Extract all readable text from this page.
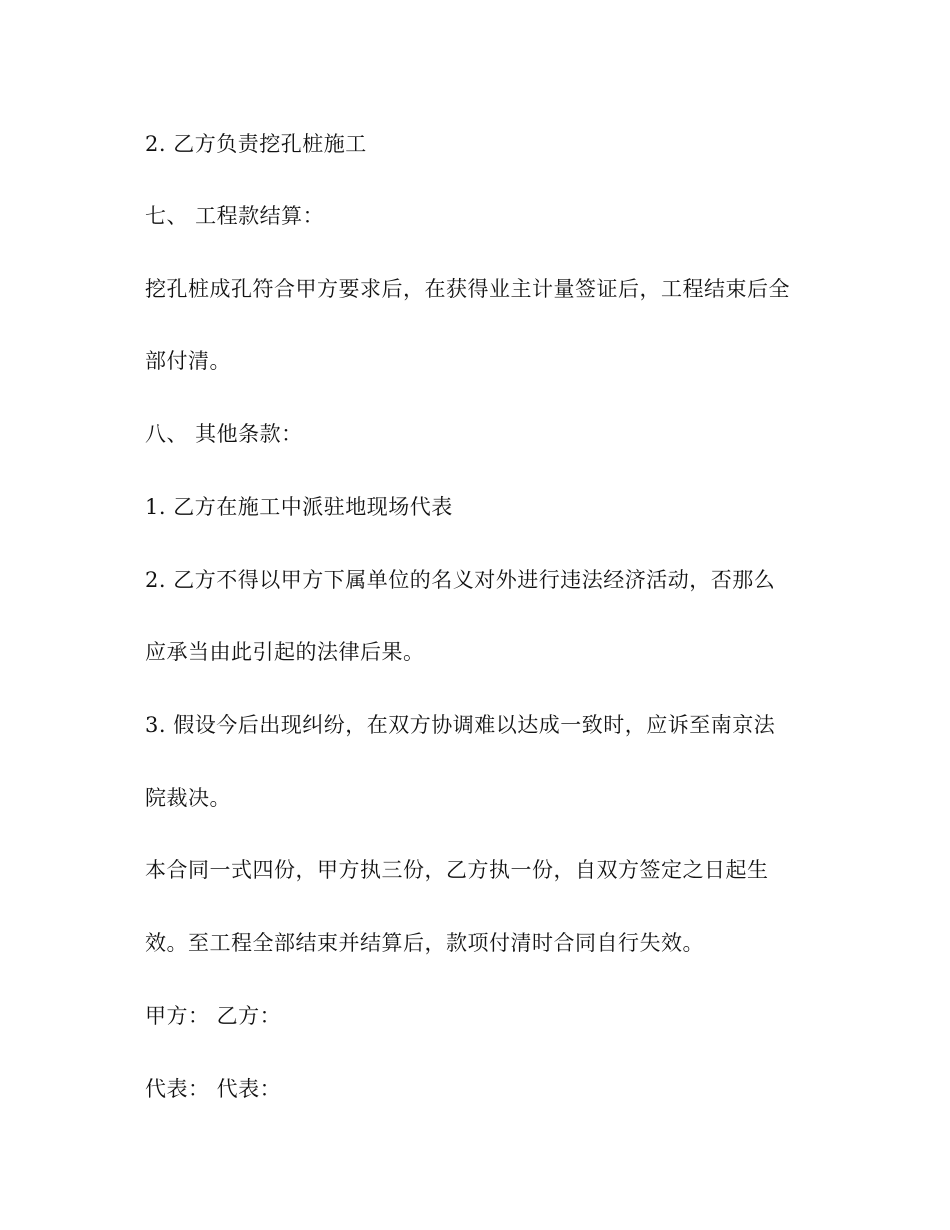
2. 乙方负责挖孔桩施工
七、 工程款结算：
挖孔桩成孔符合甲方要求后，在获得业主计量签证后，工程结束后全
部付清。
八、 其他条款：
1. 乙方在施工中派驻地现场代表
2. 乙方不得以甲方下属单位的名义对外进行违法经济活动，否那么
应承当由此引起的法律后果。
3. 假设今后出现纠纷，在双方协调难以达成一致时，应诉至南京法
院裁决。
本合同一式四份，甲方执三份，乙方执一份，自双方签定之日起生
效。至工程全部结束并结算后，款项付清时合同自行失效。
甲方： 乙方：
代表： 代表：
